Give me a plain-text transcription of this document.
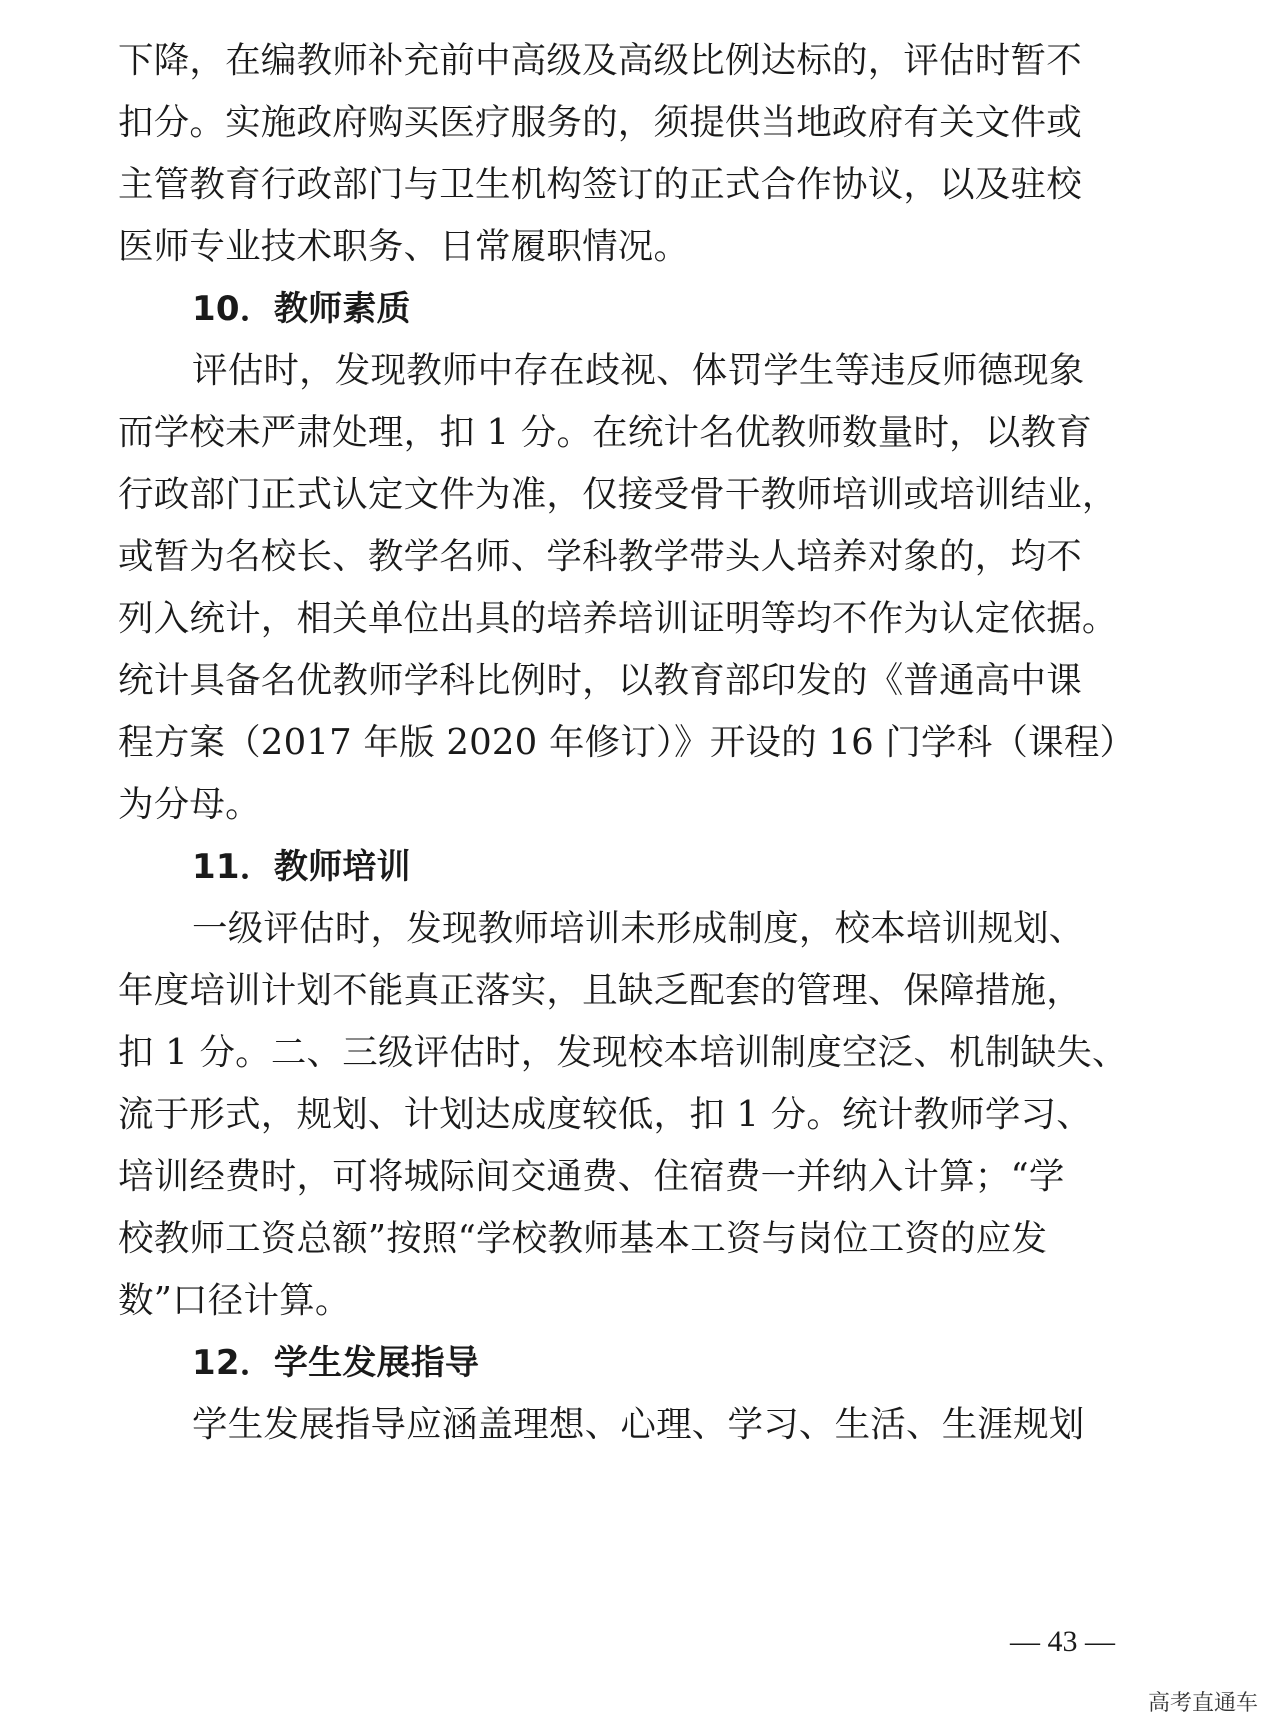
下降，在编教师补充前中高级及高级比例达标的，评估时暂不
扣分。实施政府购买医疗服务的，须提供当地政府有关文件或
主管教育行政部门与卫生机构签订的正式合作协议，以及驻校
医师专业技术职务、日常履职情况。
10．教师素质
评估时，发现教师中存在歧视、体罚学生等违反师德现象
而学校未严肃处理，扣 1 分。在统计名优教师数量时，以教育
行政部门正式认定文件为准，仅接受骨干教师培训或培训结业，
或暂为名校长、教学名师、学科教学带头人培养对象的，均不
列入统计，相关单位出具的培养培训证明等均不作为认定依据。
统计具备名优教师学科比例时，以教育部印发的《普通高中课
程方案（2017 年版 2020 年修订）》开设的 16 门学科（课程）
为分母。
11．教师培训
一级评估时，发现教师培训未形成制度，校本培训规划、
年度培训计划不能真正落实，且缺乏配套的管理、保障措施，
扣 1 分。二、三级评估时，发现校本培训制度空泛、机制缺失、
流于形式，规划、计划达成度较低，扣 1 分。统计教师学习、
培训经费时，可将城际间交通费、住宿费一并纳入计算；“学
校教师工资总额”按照“学校教师基本工资与岗位工资的应发
数”口径计算。
12．学生发展指导
学生发展指导应涵盖理想、心理、学习、生活、生涯规划
— 43 —
高考直通车
